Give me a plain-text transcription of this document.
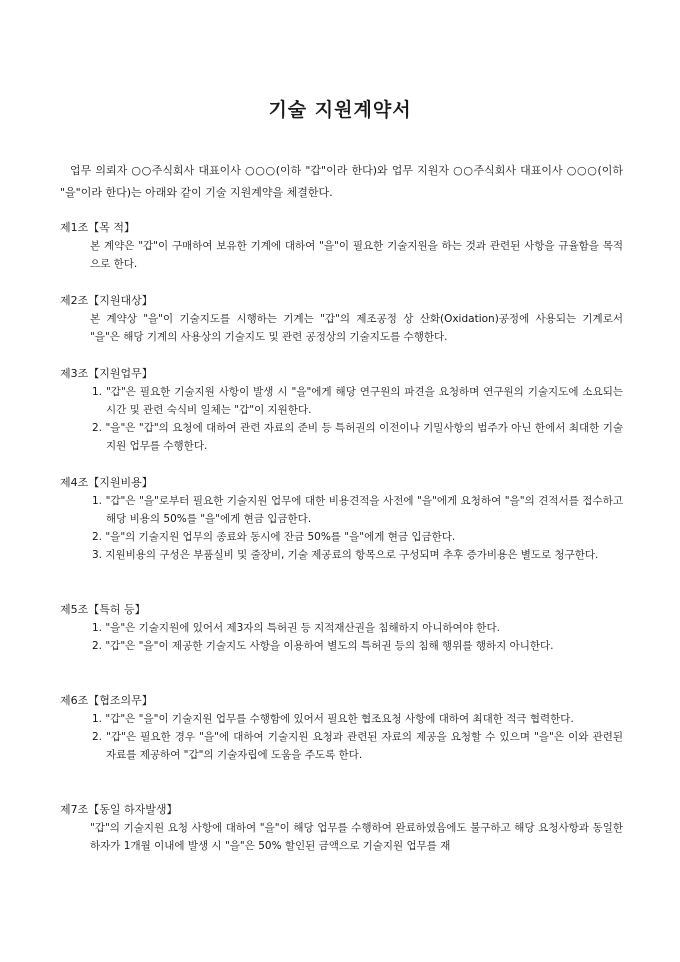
기술 지원계약서

업무 의뢰자 ○○주식회사 대표이사 ○○○(이하 "갑"이라 한다)와 업무 지원자 ○○주식회사 대표이사 ○○○(이하 "을"이라 한다)는 아래와 같이 기술 지원계약을 체결한다.

제1조【목 적】

본 계약은 "갑"이 구매하여 보유한 기계에 대하여 "을"이 필요한 기술지원을 하는 것과 관련된 사항을 규율함을 목적으로 한다.

제2조【지원대상】

본 계약상 "을"이 기술지도를 시행하는 기계는 "갑"의 제조공정 상 산화(Oxidation)공정에 사용되는 기계로서 "을"은 해당 기계의 사용상의 기술지도 및 관련 공정상의 기술지도를 수행한다.

제3조【지원업무】

1. "갑"은 필요한 기술지원 사항이 발생 시 "을"에게 해당 연구원의 파견을 요청하며 연구원의 기술지도에 소요되는 시간 및 관련 숙식비 일체는 "갑"이 지원한다.
2. "을"은 "갑"의 요청에 대하여 관련 자료의 준비 등 특허권의 이전이나 기밀사항의 범주가 아닌 한에서 최대한 기술지원 업무를 수행한다.

제4조【지원비용】

1. "갑"은 "을"로부터 필요한 기술지원 업무에 대한 비용견적을 사전에 "을"에게 요청하여 "을"의 견적서를 접수하고 해당 비용의 50%를 "을"에게 현금 입금한다.
2. "을"의 기술지원 업무의 종료와 동시에 잔금 50%를 "을"에게 현금 입금한다.
3. 지원비용의 구성은 부품실비 및 줄장비, 기술 제공료의 항목으로 구성되며 추후 증가비용은 별도로 청구한다.

제5조【특허 등】

1. "을"은 기술지원에 있어서 제3자의 특허권 등 지적재산권을 침해하지 아니하여야 한다.
2. "갑"은 "을"이 제공한 기술지도 사항을 이용하여 별도의 특허권 등의 침해 행위를 행하지 아니한다.

제6조【협조의무】

1. "갑"은 "을"이 기술지원 업무를 수행함에 있어서 필요한 협조요청 사항에 대하여 최대한 적극 협력한다.
2. "갑"은 필요한 경우 "을"에 대하여 기술지원 요청과 관련된 자료의 제공을 요청할 수 있으며 "을"은 이와 관련된 자료를 제공하여 "갑"의 기술자립에 도움을 주도록 한다.

제7조【동일 하자발생】

"갑"의 기술지원 요청 사항에 대하여 "을"이 해당 업무를 수행하여 완료하였음에도 불구하고 해당 요청사항과 동일한 하자가 1개월 이내에 발생 시 "을"은 50% 할인된 금액으로 기술지원 업무를 재
